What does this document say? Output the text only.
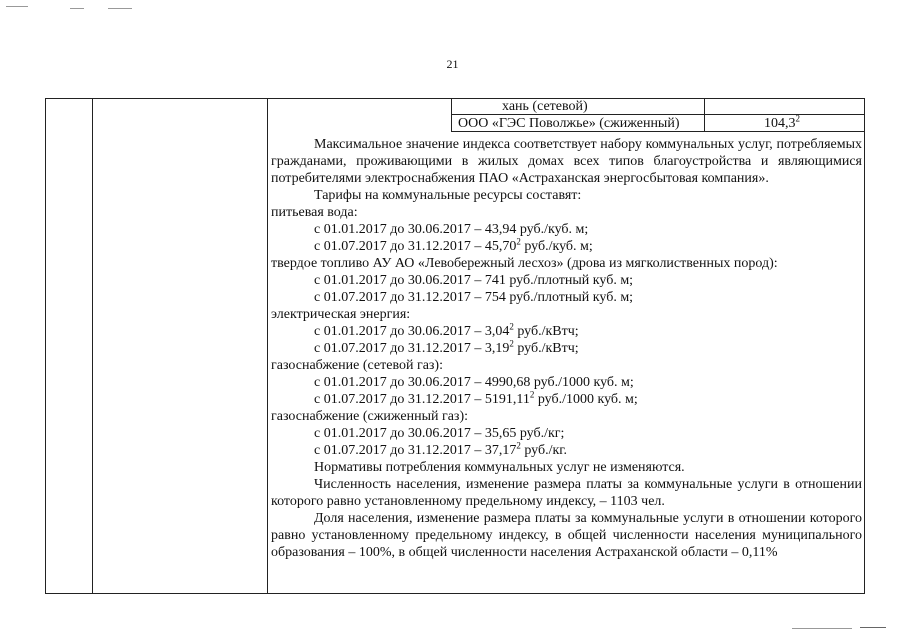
21
хань (сетевой)
ООО «ГЭС Поволжье» (сжиженный)	104,3$^2$

Максимальное значение индекса соответствует набору коммунальных услуг, потребляемых гражданами, проживающими в жилых домах всех типов благоустройства и являющимися потребителями электроснабжения ПАО «Астраханская энергосбытовая компания».

Тарифы на коммунальные ресурсы составят:

питьевая вода:

с 01.01.2017 до 30.06.2017 – 43,94 руб./куб. м;

с 01.07.2017 до 31.12.2017 – 45,70$^2$ руб./куб. м;

твердое топливо АУ АО «Левобережный лесхоз» (дрова из мягколиственных пород):

с 01.01.2017 до 30.06.2017 – 741 руб./плотный куб. м;

с 01.07.2017 до 31.12.2017 – 754 руб./плотный куб. м;

электрическая энергия:

с 01.01.2017 до 30.06.2017 – 3,04$^2$ руб./кВтч;

с 01.07.2017 до 31.12.2017 – 3,19$^2$ руб./кВтч;

газоснабжение (сетевой газ):

с 01.01.2017 до 30.06.2017 – 4990,68 руб./1000 куб. м;

с 01.07.2017 до 31.12.2017 – 5191,11$^2$ руб./1000 куб. м;

газоснабжение (сжиженный газ):

с 01.01.2017 до 30.06.2017 – 35,65 руб./кг;

с 01.07.2017 до 31.12.2017 – 37,17$^2$ руб./кг.

Нормативы потребления коммунальных услуг не изменяются.

Численность населения, изменение размера платы за коммунальные услуги в отношении которого равно установленному предельному индексу, – 1103 чел.

Доля населения, изменение размера платы за коммунальные услуги в отношении которого равно установленному предельному индексу, в общей численности населения муниципального образования – 100%, в общей численности населения Астраханской области – 0,11%
